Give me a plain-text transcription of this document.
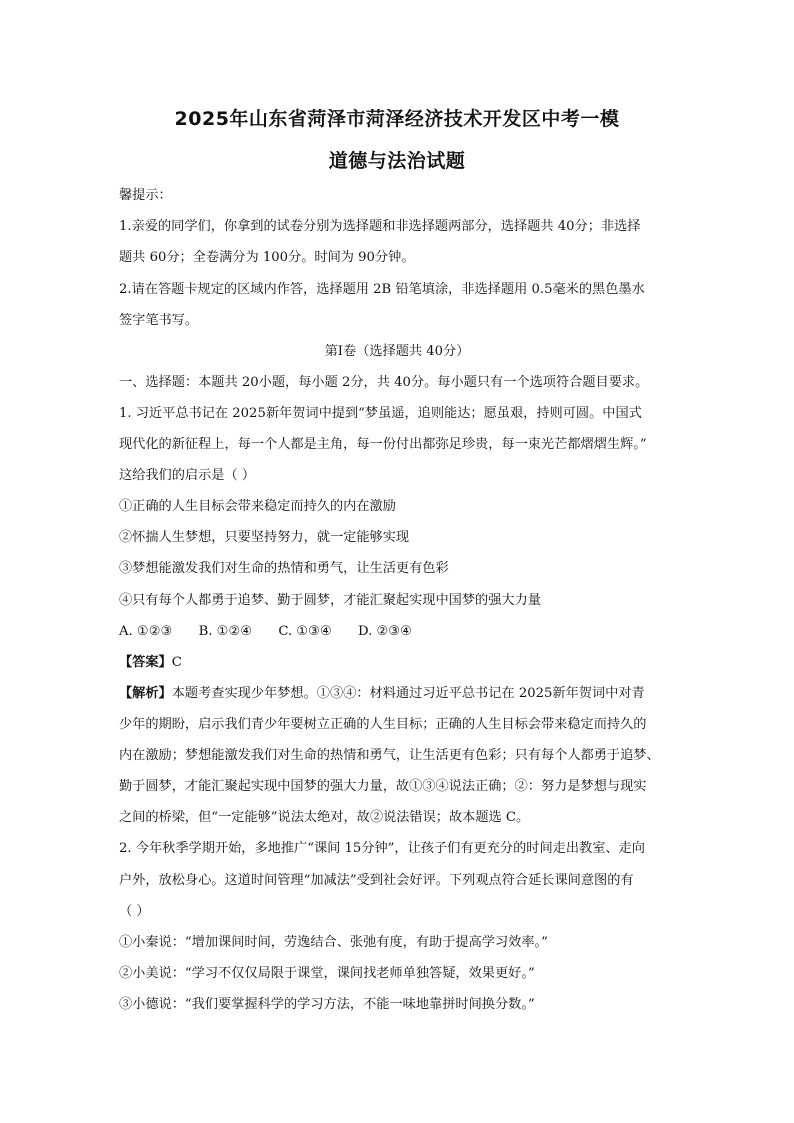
2025年山东省菏泽市菏泽经济技术开发区中考一模
道德与法治试题
馨提示：
1.亲爱的同学们，你拿到的试卷分别为选择题和非选择题两部分，选择题共 40分；非选择
题共 60分；全卷满分为 100分。时间为 90分钟。
2.请在答题卡规定的区域内作答，选择题用 2B 铅笔填涂，非选择题用 0.5毫米的黑色墨水
签字笔书写。
第Ⅰ卷（选择题共 40分）
一、选择题：本题共 20小题，每小题 2分，共 40分。每小题只有一个选项符合题目要求。
1. 习近平总书记在 2025新年贺词中提到“梦虽遥，追则能达；愿虽艰，持则可圆。中国式
现代化的新征程上，每一个人都是主角，每一份付出都弥足珍贵，每一束光芒都熠熠生辉。”
这给我们的启示是（ ）
①正确的人生目标会带来稳定而持久的内在激励
②怀揣人生梦想，只要坚持努力，就一定能够实现
③梦想能激发我们对生命的热情和勇气，让生活更有色彩
④只有每个人都勇于追梦、勤于圆梦，才能汇聚起实现中国梦的强大力量
A. ①②③ B. ①②④ C. ①③④ D. ②③④
【答案】C
【解析】本题考查实现少年梦想。①③④：材料通过习近平总书记在 2025新年贺词中对青
少年的期盼，启示我们青少年要树立正确的人生目标；正确的人生目标会带来稳定而持久的
内在激励；梦想能激发我们对生命的热情和勇气，让生活更有色彩；只有每个人都勇于追梦、
勤于圆梦，才能汇聚起实现中国梦的强大力量，故①③④说法正确；②：努力是梦想与现实
之间的桥梁，但“一定能够”说法太绝对，故②说法错误；故本题选 C。
2. 今年秋季学期开始，多地推广“课间 15分钟”，让孩子们有更充分的时间走出教室、走向
户外，放松身心。这道时间管理“加减法”受到社会好评。下列观点符合延长课间意图的有
（ ）
①小秦说：“增加课间时间，劳逸结合、张弛有度，有助于提高学习效率。”
②小美说：“学习不仅仅局限于课堂，课间找老师单独答疑，效果更好。”
③小德说：“我们要掌握科学的学习方法，不能一味地靠拼时间换分数。”
